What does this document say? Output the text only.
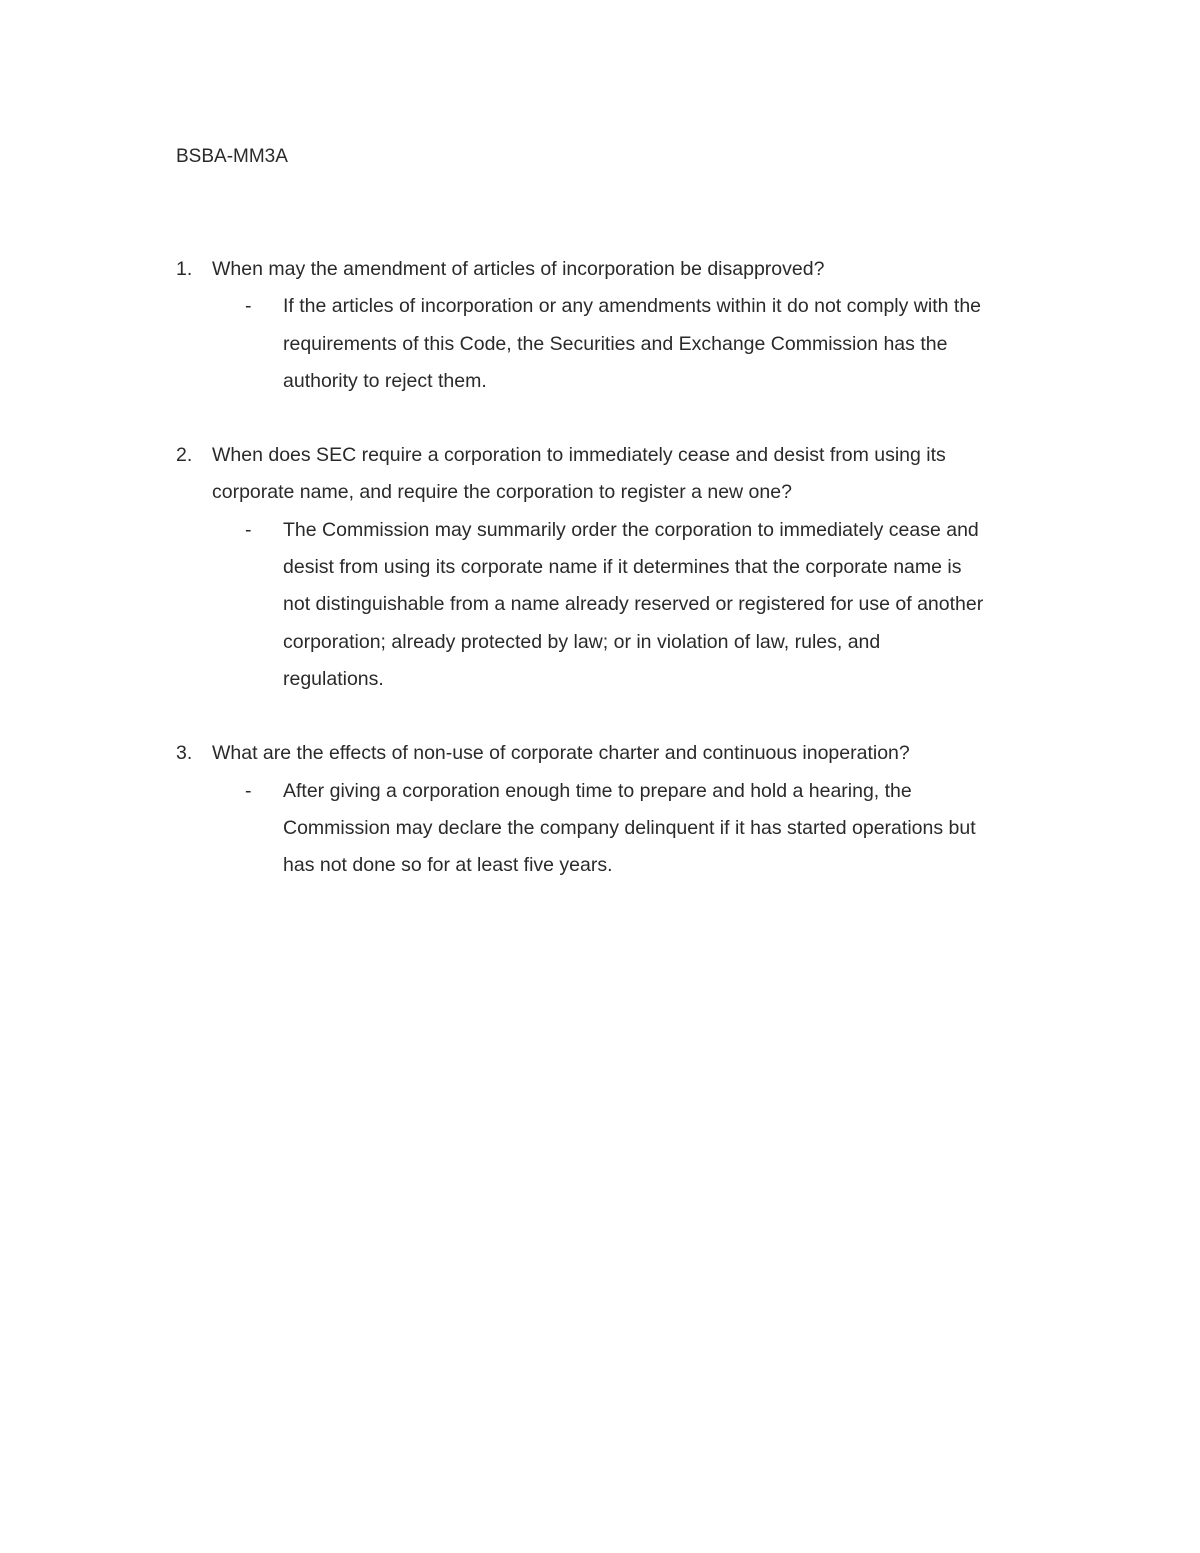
BSBA-MM3A
1. When may the amendment of articles of incorporation be disapproved?
- If the articles of incorporation or any amendments within it do not comply with the
requirements of this Code, the Securities and Exchange Commission has the
authority to reject them.
2. When does SEC require a corporation to immediately cease and desist from using its
corporate name, and require the corporation to register a new one?
- The Commission may summarily order the corporation to immediately cease and
desist from using its corporate name if it determines that the corporate name is
not distinguishable from a name already reserved or registered for use of another
corporation; already protected by law; or in violation of law, rules, and
regulations.
3. What are the effects of non-use of corporate charter and continuous inoperation?
- After giving a corporation enough time to prepare and hold a hearing, the
Commission may declare the company delinquent if it has started operations but
has not done so for at least five years.
